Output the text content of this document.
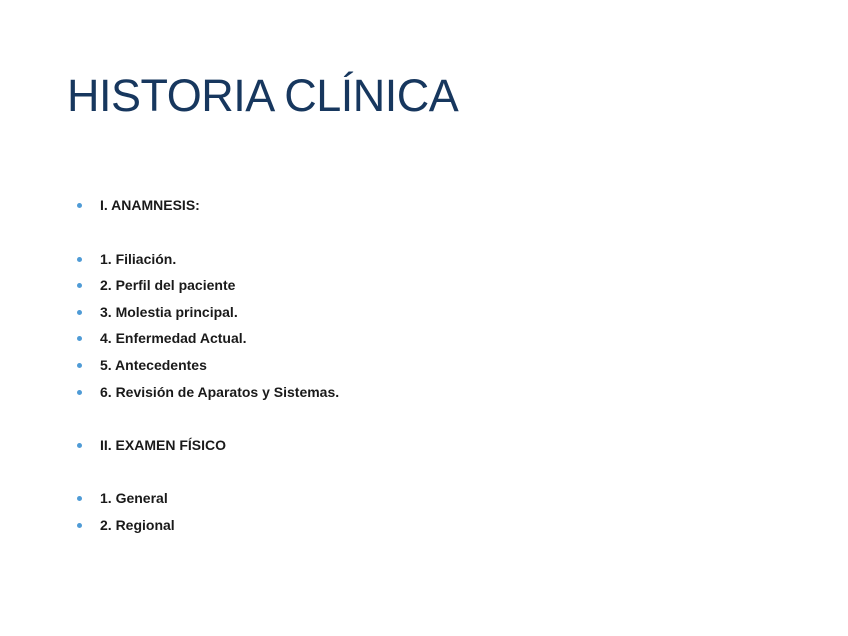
HISTORIA CLÍNICA
I. ANAMNESIS:
1. Filiación.
2. Perfil del paciente
3. Molestia principal.
4. Enfermedad Actual.
5. Antecedentes
6. Revisión de Aparatos y Sistemas.
II. EXAMEN FÍSICO
1. General
2. Regional
